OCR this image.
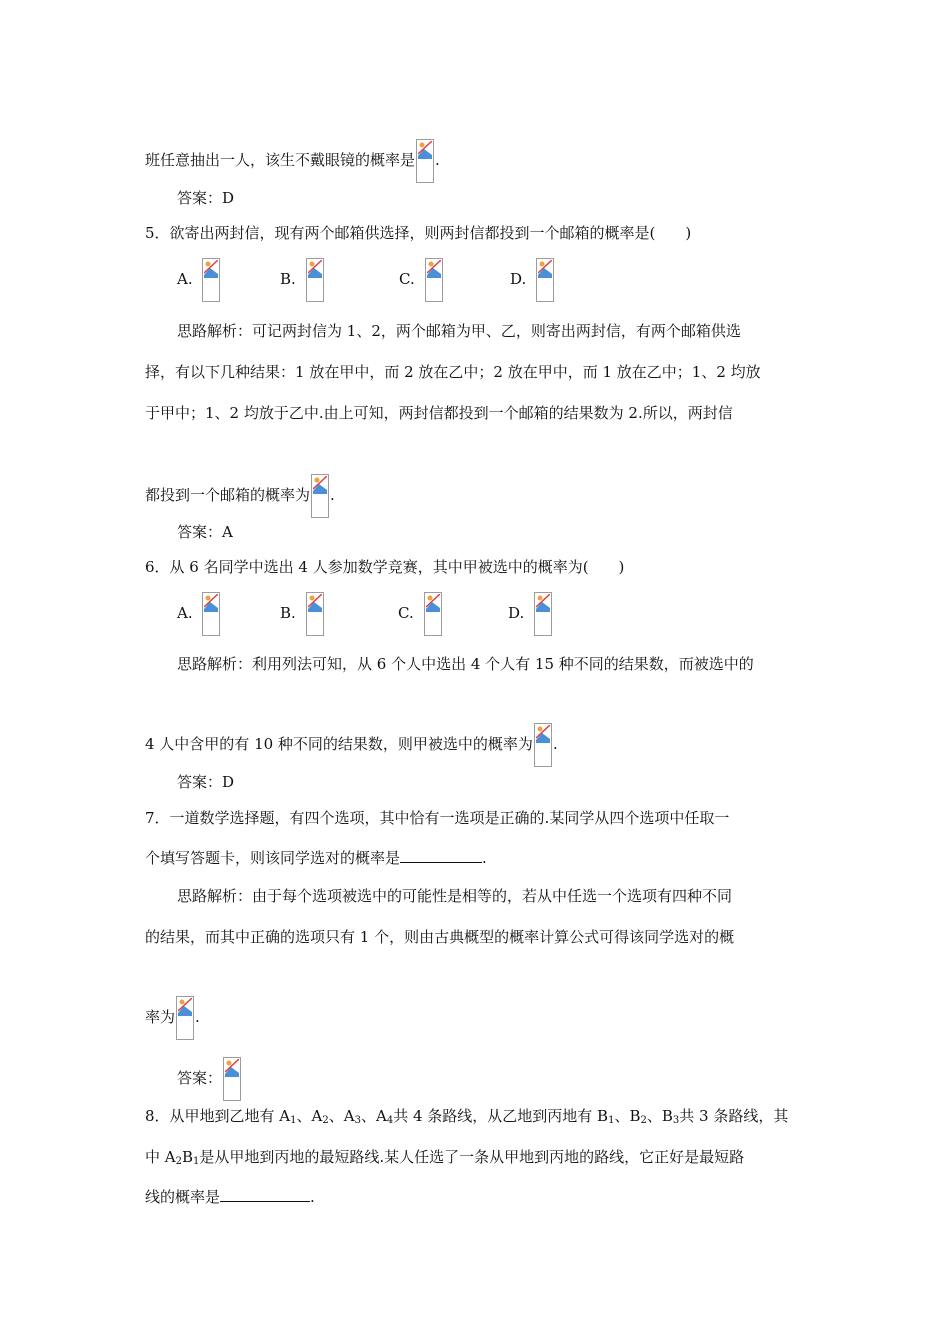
班任意抽出一人，该生不戴眼镜的概率是 .
答案：D
5．欲寄出两封信，现有两个邮箱供选择，则两封信都投到一个邮箱的概率是(　　)
A.	B.	C.	D.
思路解析：可记两封信为 1、2，两个邮箱为甲、乙，则寄出两封信，有两个邮箱供选
择，有以下几种结果：1 放在甲中，而 2 放在乙中；2 放在甲中，而 1 放在乙中；1、2 均放
于甲中；1、2 均放于乙中.由上可知，两封信都投到一个邮箱的结果数为 2.所以，两封信
都投到一个邮箱的概率为 .
答案：A
6．从 6 名同学中选出 4 人参加数学竞赛，其中甲被选中的概率为(　　)
A.	B.	C.	D.
思路解析：利用列法可知，从 6 个人中选出 4 个人有 15 种不同的结果数，而被选中的
4 人中含甲的有 10 种不同的结果数，则甲被选中的概率为 .
答案：D
7．一道数学选择题，有四个选项，其中恰有一选项是正确的.某同学从四个选项中任取一
个填写答题卡，则该同学选对的概率是	.
思路解析：由于每个选项被选中的可能性是相等的，若从中任选一个选项有四种不同
的结果，而其中正确的选项只有 1 个，则由古典概型的概率计算公式可得该同学选对的概
率为 .
答案：
8．从甲地到乙地有 $A_1$、$A_2$、$A_3$、$A_4$共 4 条路线，从乙地到丙地有 $B_1$、$B_2$、$B_3$共 3 条路线，其
中 $A_2B_1$是从甲地到丙地的最短路线.某人任选了一条从甲地到丙地的路线，它正好是最短路
线的概率是	.
